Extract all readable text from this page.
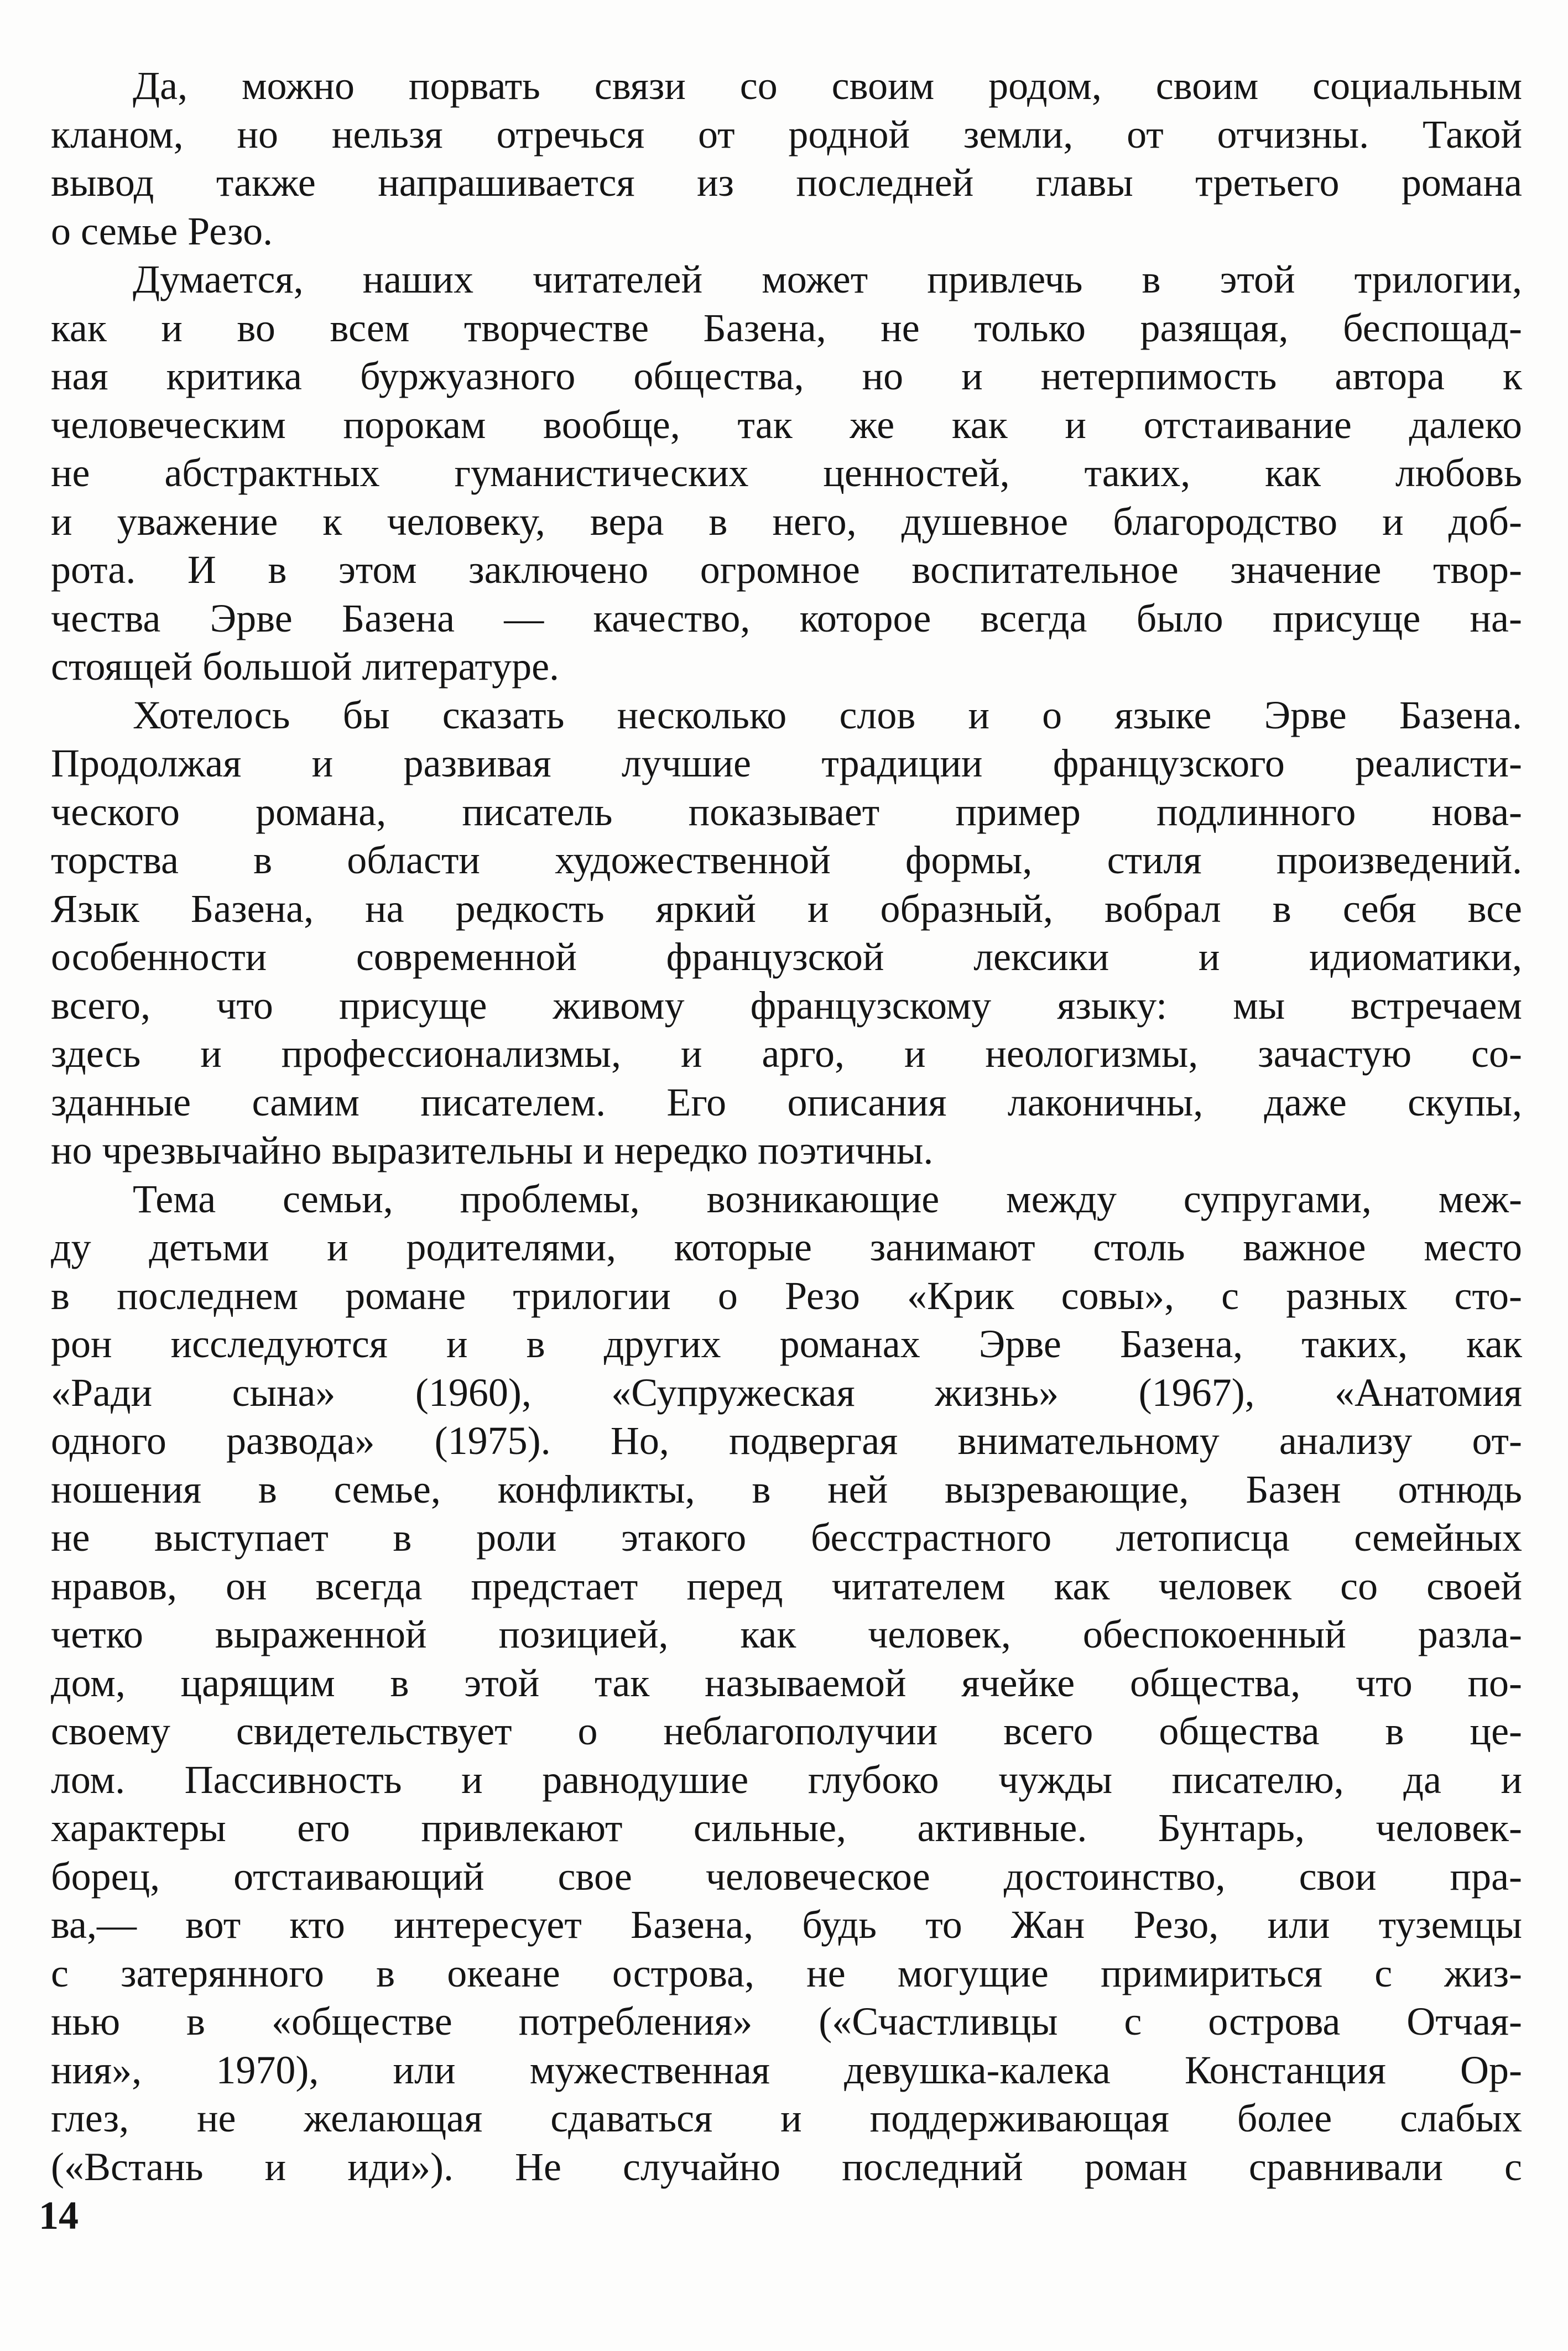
Да, можно порвать связи со своим родом, своим социальным
кланом, но нельзя отречься от родной земли, от отчизны. Такой
вывод также напрашивается из последней главы третьего романа
о семье Резо.
Думается, наших читателей может привлечь в этой трилогии,
как и во всем творчестве Базена, не только разящая, беспощад-
ная критика буржуазного общества, но и нетерпимость автора к
человеческим порокам вообще, так же как и отстаивание далеко
не абстрактных гуманистических ценностей, таких, как любовь
и уважение к человеку, вера в него, душевное благородство и доб-
рота. И в этом заключено огромное воспитательное значение твор-
чества Эрве Базена — качество, которое всегда было присуще на-
стоящей большой литературе.
Хотелось бы сказать несколько слов и о языке Эрве Базена.
Продолжая и развивая лучшие традиции французского реалисти-
ческого романа, писатель показывает пример подлинного нова-
торства в области художественной формы, стиля произведений.
Язык Базена, на редкость яркий и образный, вобрал в себя все
особенности современной французской лексики и идиоматики,
всего, что присуще живому французскому языку: мы встречаем
здесь и профессионализмы, и арго, и неологизмы, зачастую со-
зданные самим писателем. Его описания лаконичны, даже скупы,
но чрезвычайно выразительны и нередко поэтичны.
Тема семьи, проблемы, возникающие между супругами, меж-
ду детьми и родителями, которые занимают столь важное место
в последнем романе трилогии о Резо «Крик совы», с разных сто-
рон исследуются и в других романах Эрве Базена, таких, как
«Ради сына» (1960), «Супружеская жизнь» (1967), «Анатомия
одного развода» (1975). Но, подвергая внимательному анализу от-
ношения в семье, конфликты, в ней вызревающие, Базен отнюдь
не выступает в роли этакого бесстрастного летописца семейных
нравов, он всегда предстает перед читателем как человек со своей
четко выраженной позицией, как человек, обеспокоенный разла-
дом, царящим в этой так называемой ячейке общества, что по-
своему свидетельствует о неблагополучии всего общества в це-
лом. Пассивность и равнодушие глубоко чужды писателю, да и
характеры его привлекают сильные, активные. Бунтарь, человек-
борец, отстаивающий свое человеческое достоинство, свои пра-
ва,— вот кто интересует Базена, будь то Жан Резо, или туземцы
с затерянного в океане острова, не могущие примириться с жиз-
нью в «обществе потребления» («Счастливцы с острова Отчая-
ния», 1970), или мужественная девушка-калека Констанция Ор-
глез, не желающая сдаваться и поддерживающая более слабых
(«Встань и иди»). Не случайно последний роман сравнивали с
14
